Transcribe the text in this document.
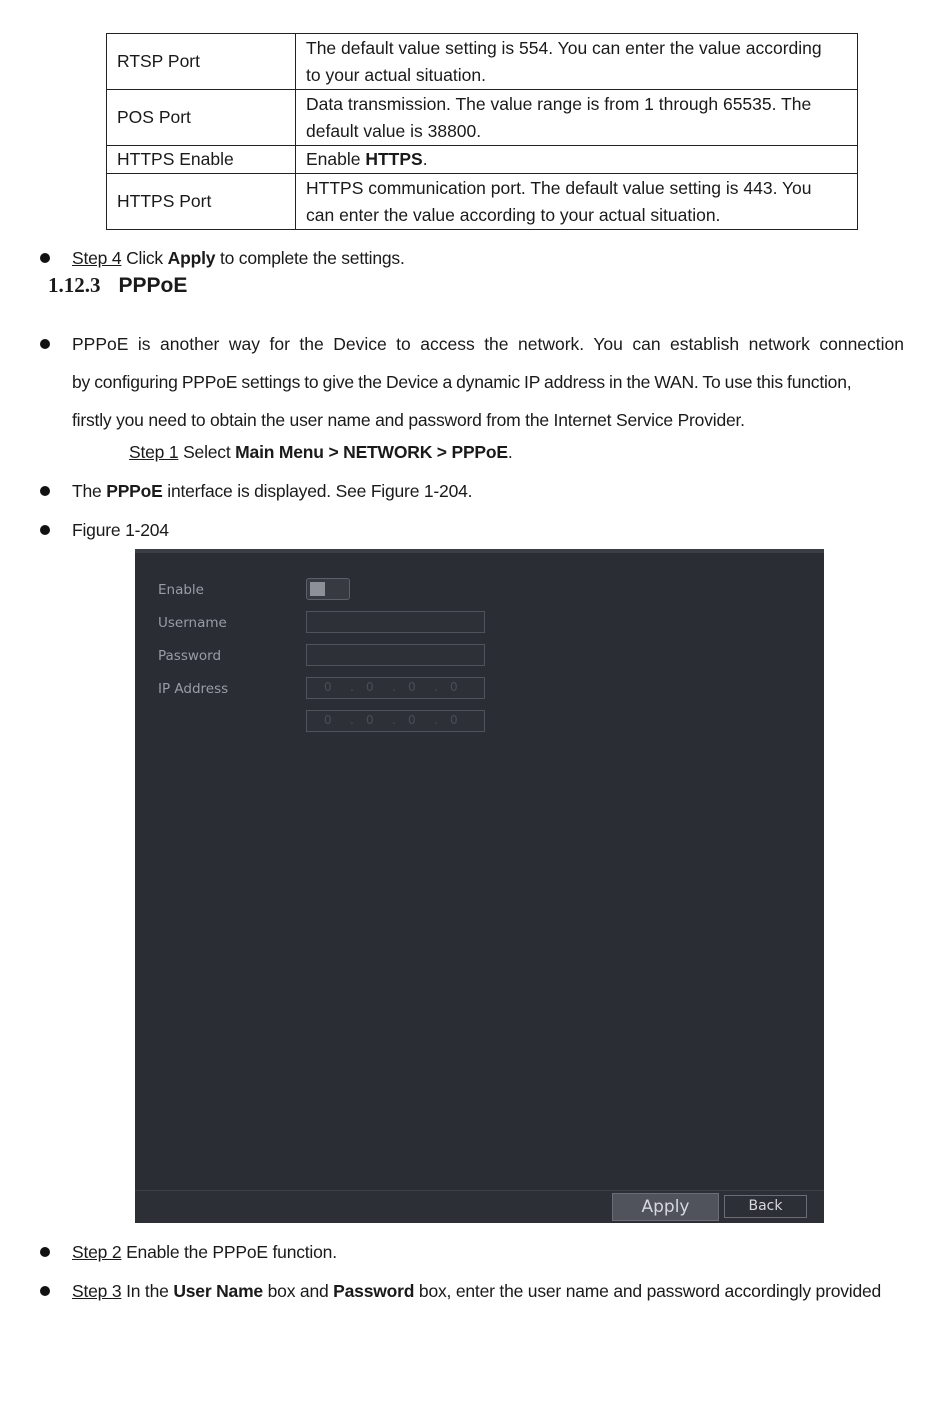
RTSP Port	The default value setting is 554. You can enter the value according
to your actual situation.
POS Port	Data transmission. The value range is from 1 through 65535. The
default value is 38800.
HTTPS Enable	Enable HTTPS.
HTTPS Port	HTTPS communication port. The default value setting is 443. You
can enter the value according to your actual situation.
Step 4 Click Apply to complete the settings.
1.12.3 PPPoE
PPPoE is another way for the Device to access the network. You can establish network connection
by configuring PPPoE settings to give the Device a dynamic IP address in the WAN. To use this function,
firstly you need to obtain the user name and password from the Internet Service Provider.
Step 1 Select Main Menu > NETWORK > PPPoE.
The PPPoE interface is displayed. See Figure 1-204.
Figure 1-204
Enable
Username
Password
IP Address	0 . 0 . 0 . 0
0 . 0 . 0 . 0
Apply	Back
Step 2 Enable the PPPoE function.
Step 3 In the User Name box and Password box, enter the user name and password accordingly provided
